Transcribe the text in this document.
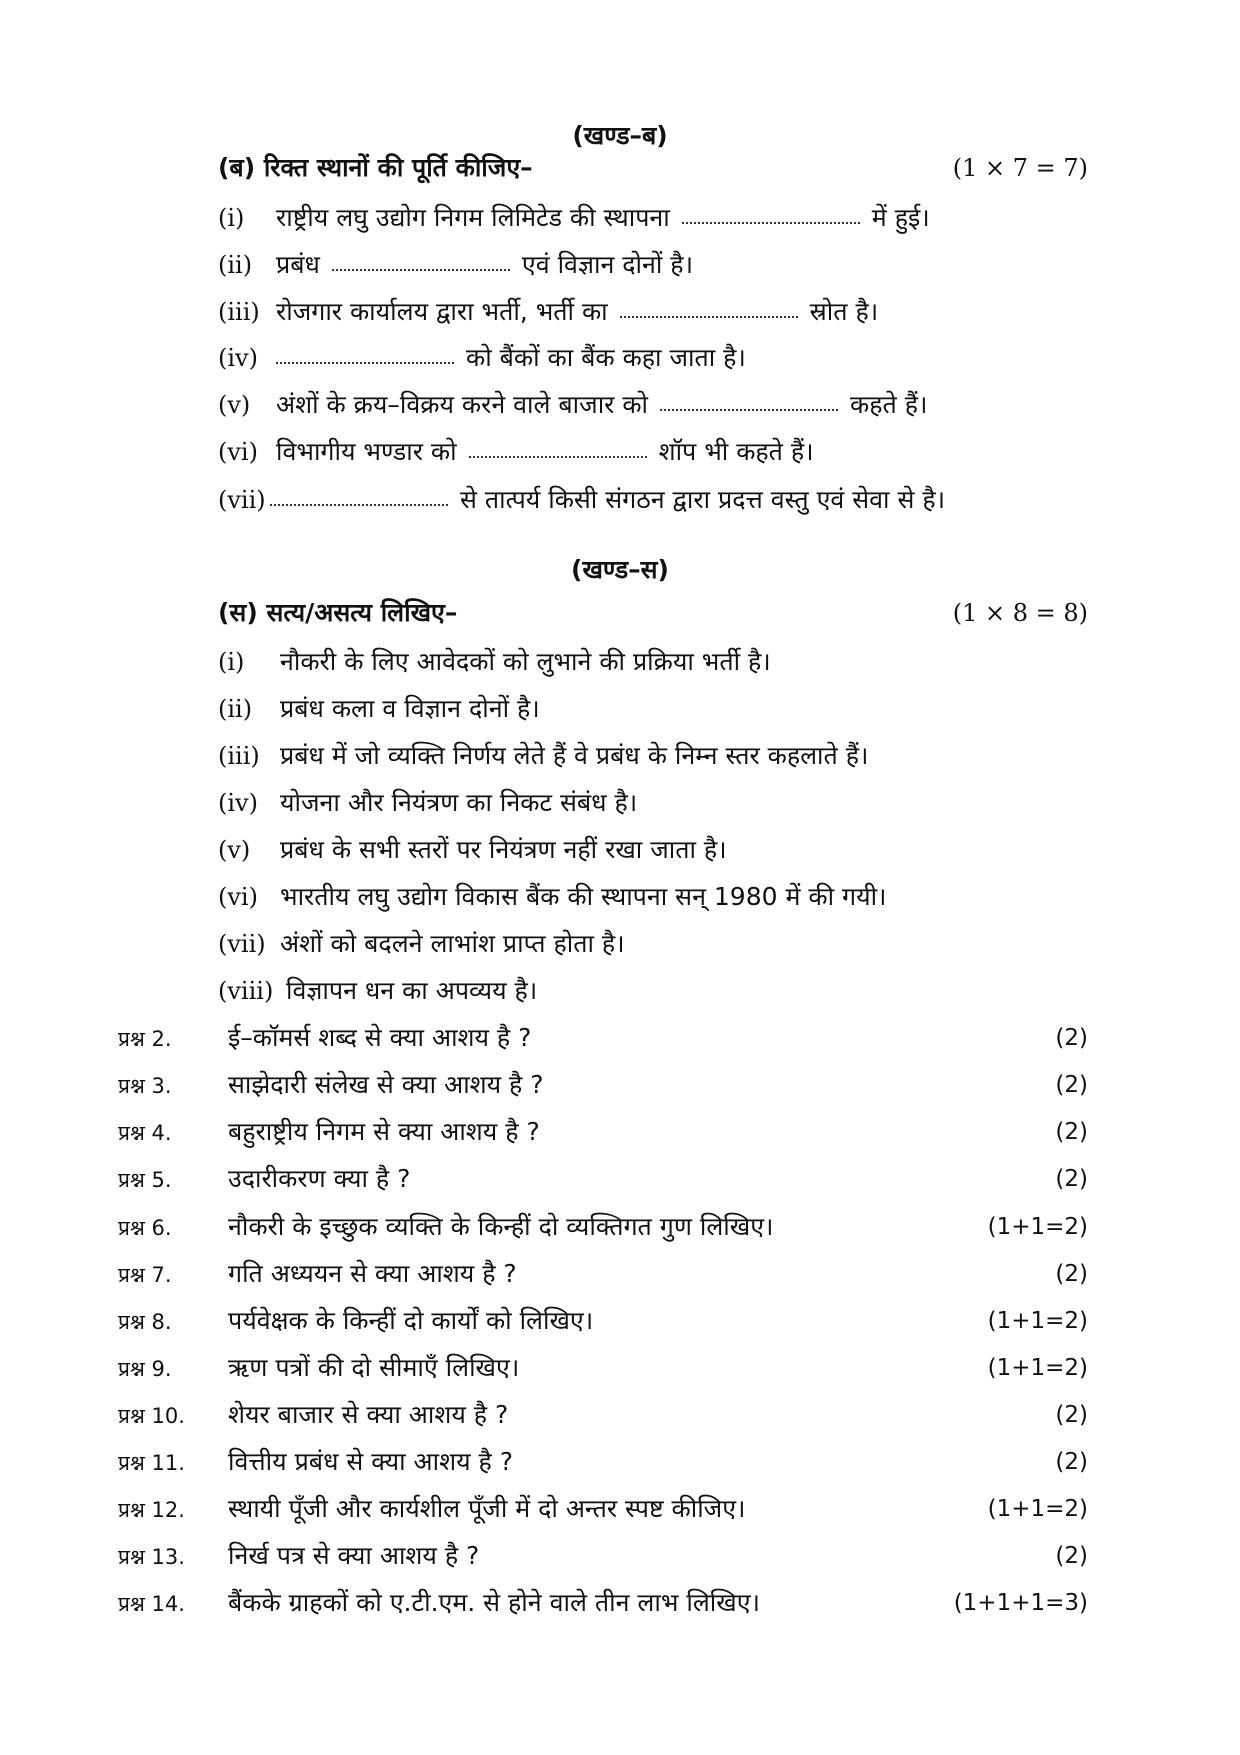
(खण्ड–ब)
(ब) रिक्त स्थानों की पूर्ति कीजिए–	(1 × 7 = 7)
(i) राष्ट्रीय लघु उद्योग निगम लिमिटेड की स्थापना	में हुई।
(ii) प्रबंध	एवं विज्ञान दोनों है।
(iii) रोजगार कार्यालय द्वारा भर्ती, भर्ती का	स्रोत है।
(iv)	को बैंकों का बैंक कहा जाता है।
(v) अंशों के क्रय–विक्रय करने वाले बाजार को	कहते हैं।
(vi) विभागीय भण्डार को	शॉप भी कहते हैं।
(vii)	से तात्पर्य किसी संगठन द्वारा प्रदत्त वस्तु एवं सेवा से है।
(खण्ड–स)
(स) सत्य/असत्य लिखिए–	(1 × 8 = 8)
(i) नौकरी के लिए आवेदकों को लुभाने की प्रक्रिया भर्ती है।
(ii) प्रबंध कला व विज्ञान दोनों है।
(iii) प्रबंध में जो व्यक्ति निर्णय लेते हैं वे प्रबंध के निम्न स्तर कहलाते हैं।
(iv) योजना और नियंत्रण का निकट संबंध है।
(v) प्रबंध के सभी स्तरों पर नियंत्रण नहीं रखा जाता है।
(vi) भारतीय लघु उद्योग विकास बैंक की स्थापना सन् 1980 में की गयी।
(vii) अंशों को बदलने लाभांश प्राप्त होता है।
(viii) विज्ञापन धन का अपव्यय है।
प्रश्न 2. ई–कॉमर्स शब्द से क्या आशय है ?	(2)
प्रश्न 3. साझेदारी संलेख से क्या आशय है ?	(2)
प्रश्न 4. बहुराष्ट्रीय निगम से क्या आशय है ?	(2)
प्रश्न 5. उदारीकरण क्या है ?	(2)
प्रश्न 6. नौकरी के इच्छुक व्यक्ति के किन्हीं दो व्यक्तिगत गुण लिखिए।	(1+1=2)
प्रश्न 7. गति अध्ययन से क्या आशय है ?	(2)
प्रश्न 8. पर्यवेक्षक के किन्हीं दो कार्यों को लिखिए।	(1+1=2)
प्रश्न 9. ऋण पत्रों की दो सीमाएँ लिखिए।	(1+1=2)
प्रश्न 10. शेयर बाजार से क्या आशय है ?	(2)
प्रश्न 11. वित्तीय प्रबंध से क्या आशय है ?	(2)
प्रश्न 12. स्थायी पूँजी और कार्यशील पूँजी में दो अन्तर स्पष्ट कीजिए।	(1+1=2)
प्रश्न 13. निर्ख पत्र से क्या आशय है ?	(2)
प्रश्न 14. बैंकके ग्राहकों को ए.टी.एम. से होने वाले तीन लाभ लिखिए।	(1+1+1=3)
